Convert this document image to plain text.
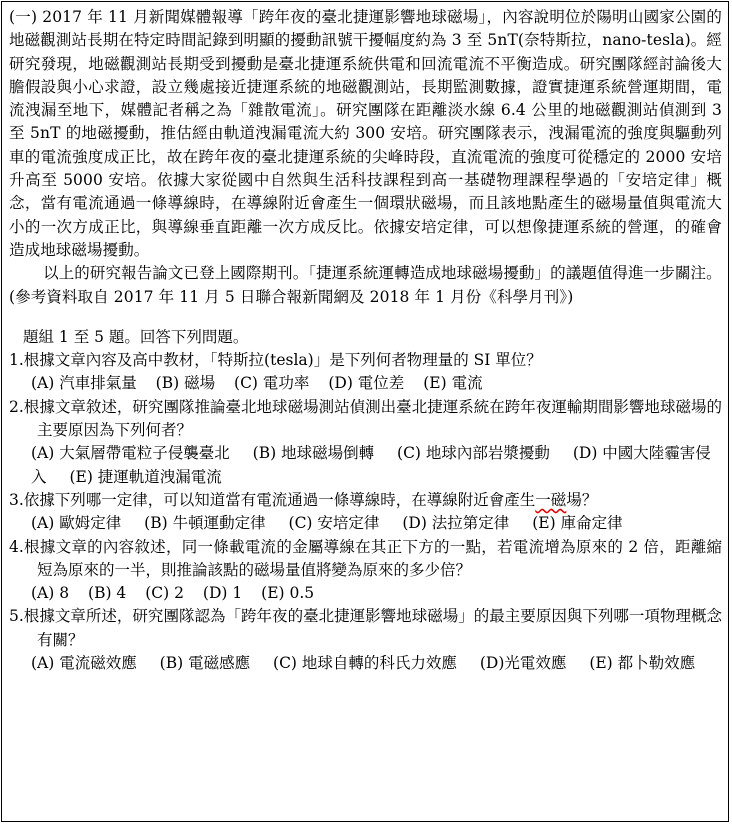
(一) 2017 年 11 月新聞媒體報導「跨年夜的臺北捷運影響地球磁場」，內容說明位於陽明山國家公園的地磁觀測站長期在特定時間記錄到明顯的擾動訊號干擾幅度約為 3 至 5nT(奈特斯拉，nano-tesla)。經研究發現，地磁觀測站長期受到擾動是臺北捷運系統供電和回流電流不平衡造成。研究團隊經討論後大膽假設與小心求證，設立幾處接近捷運系統的地磁觀測站，長期監測數據，證實捷運系統營運期間，電流洩漏至地下，媒體記者稱之為「雜散電流」。研究團隊在距離淡水線 6.4 公里的地磁觀測站偵測到 3 至 5nT 的地磁擾動，推估經由軌道洩漏電流大約 300 安培。研究團隊表示，洩漏電流的強度與驅動列車的電流強度成正比，故在跨年夜的臺北捷運系統的尖峰時段，直流電流的強度可從穩定的 2000 安培升高至 5000 安培。依據大家從國中自然與生活科技課程到高一基礎物理課程學過的「安培定律」概念，當有電流通過一條導線時，在導線附近會產生一個環狀磁場，而且該地點產生的磁場量值與電流大小的一次方成正比，與導線垂直距離一次方成反比。依據安培定律，可以想像捷運系統的營運，的確會造成地球磁場擾動。

以上的研究報告論文已登上國際期刊。「捷運系統運轉造成地球磁場擾動」的議題值得進一步關注。

(參考資料取自 2017 年 11 月 5 日聯合報新聞網及 2018 年 1 月份《科學月刊》)

題組 1 至 5 題。回答下列問題。

1.根據文章內容及高中教材，「特斯拉(tesla)」是下列何者物理量的 SI 單位？

(A) 汽車排氣量 (B) 磁場 (C) 電功率 (D) 電位差 (E) 電流

2.根據文章敘述，研究團隊推論臺北地球磁場測站偵測出臺北捷運系統在跨年夜運輸期間影響地球磁場的主要原因為下列何者？

(A) 大氣層帶電粒子侵襲臺北 (B) 地球磁場倒轉 (C) 地球內部岩漿擾動 (D) 中國大陸霾害侵入 (E) 捷運軌道洩漏電流

3.依據下列哪一定律，可以知道當有電流通過一條導線時，在導線附近會產生一磁場？

(A) 歐姆定律 (B) 牛頓運動定律 (C) 安培定律 (D) 法拉第定律 (E) 庫侖定律

4.根據文章的內容敘述，同一條載電流的金屬導線在其正下方的一點，若電流增為原來的 2 倍，距離縮短為原來的一半，則推論該點的磁場量值將變為原來的多少倍？

(A) 8 (B) 4 (C) 2 (D) 1 (E) 0.5

5.根據文章所述，研究團隊認為「跨年夜的臺北捷運影響地球磁場」的最主要原因與下列哪一項物理概念有關？

(A) 電流磁效應 (B) 電磁感應 (C) 地球自轉的科氏力效應 (D)光電效應 (E) 都卜勒效應
